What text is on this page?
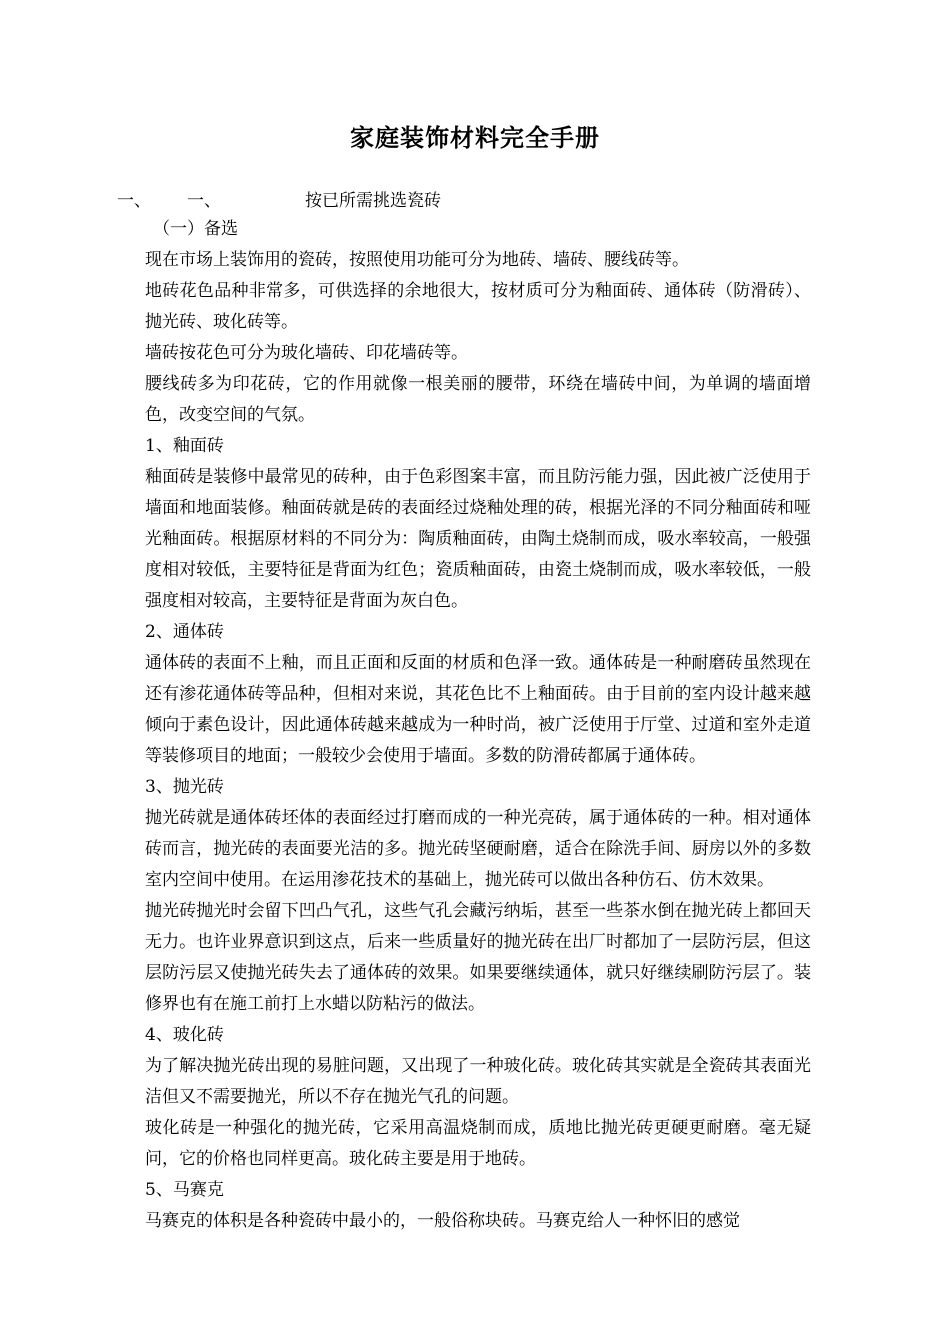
家庭装饰材料完全手册
一、 一、	按已所需挑选瓷砖

（一）备选

现在市场上装饰用的瓷砖，按照使用功能可分为地砖、墙砖、腰线砖等。

地砖花色品种非常多，可供选择的余地很大，按材质可分为釉面砖、通体砖（防滑砖）、抛光砖、玻化砖等。

墙砖按花色可分为玻化墙砖、印花墙砖等。

腰线砖多为印花砖，它的作用就像一根美丽的腰带，环绕在墙砖中间，为单调的墙面增色，改变空间的气氛。

1、釉面砖

釉面砖是装修中最常见的砖种，由于色彩图案丰富，而且防污能力强，因此被广泛使用于墙面和地面装修。釉面砖就是砖的表面经过烧釉处理的砖，根据光泽的不同分釉面砖和哑光釉面砖。根据原材料的不同分为：陶质釉面砖，由陶土烧制而成，吸水率较高，一般强度相对较低，主要特征是背面为红色；瓷质釉面砖，由瓷土烧制而成，吸水率较低，一般强度相对较高，主要特征是背面为灰白色。

2、通体砖

通体砖的表面不上釉，而且正面和反面的材质和色泽一致。通体砖是一种耐磨砖虽然现在还有渗花通体砖等品种，但相对来说，其花色比不上釉面砖。由于目前的室内设计越来越倾向于素色设计，因此通体砖越来越成为一种时尚，被广泛使用于厅堂、过道和室外走道等装修项目的地面；一般较少会使用于墙面。多数的防滑砖都属于通体砖。

3、抛光砖

抛光砖就是通体砖坯体的表面经过打磨而成的一种光亮砖，属于通体砖的一种。相对通体砖而言，抛光砖的表面要光洁的多。抛光砖坚硬耐磨，适合在除洗手间、厨房以外的多数室内空间中使用。在运用渗花技术的基础上，抛光砖可以做出各种仿石、仿木效果。

抛光砖抛光时会留下凹凸气孔，这些气孔会藏污纳垢，甚至一些茶水倒在抛光砖上都回天无力。也许业界意识到这点，后来一些质量好的抛光砖在出厂时都加了一层防污层，但这层防污层又使抛光砖失去了通体砖的效果。如果要继续通体，就只好继续刷防污层了。装修界也有在施工前打上水蜡以防粘污的做法。

4、玻化砖

为了解决抛光砖出现的易脏问题，又出现了一种玻化砖。玻化砖其实就是全瓷砖其表面光洁但又不需要抛光，所以不存在抛光气孔的问题。

玻化砖是一种强化的抛光砖，它采用高温烧制而成，质地比抛光砖更硬更耐磨。毫无疑问，它的价格也同样更高。玻化砖主要是用于地砖。

5、马赛克

马赛克的体积是各种瓷砖中最小的，一般俗称块砖。马赛克给人一种怀旧的感觉
